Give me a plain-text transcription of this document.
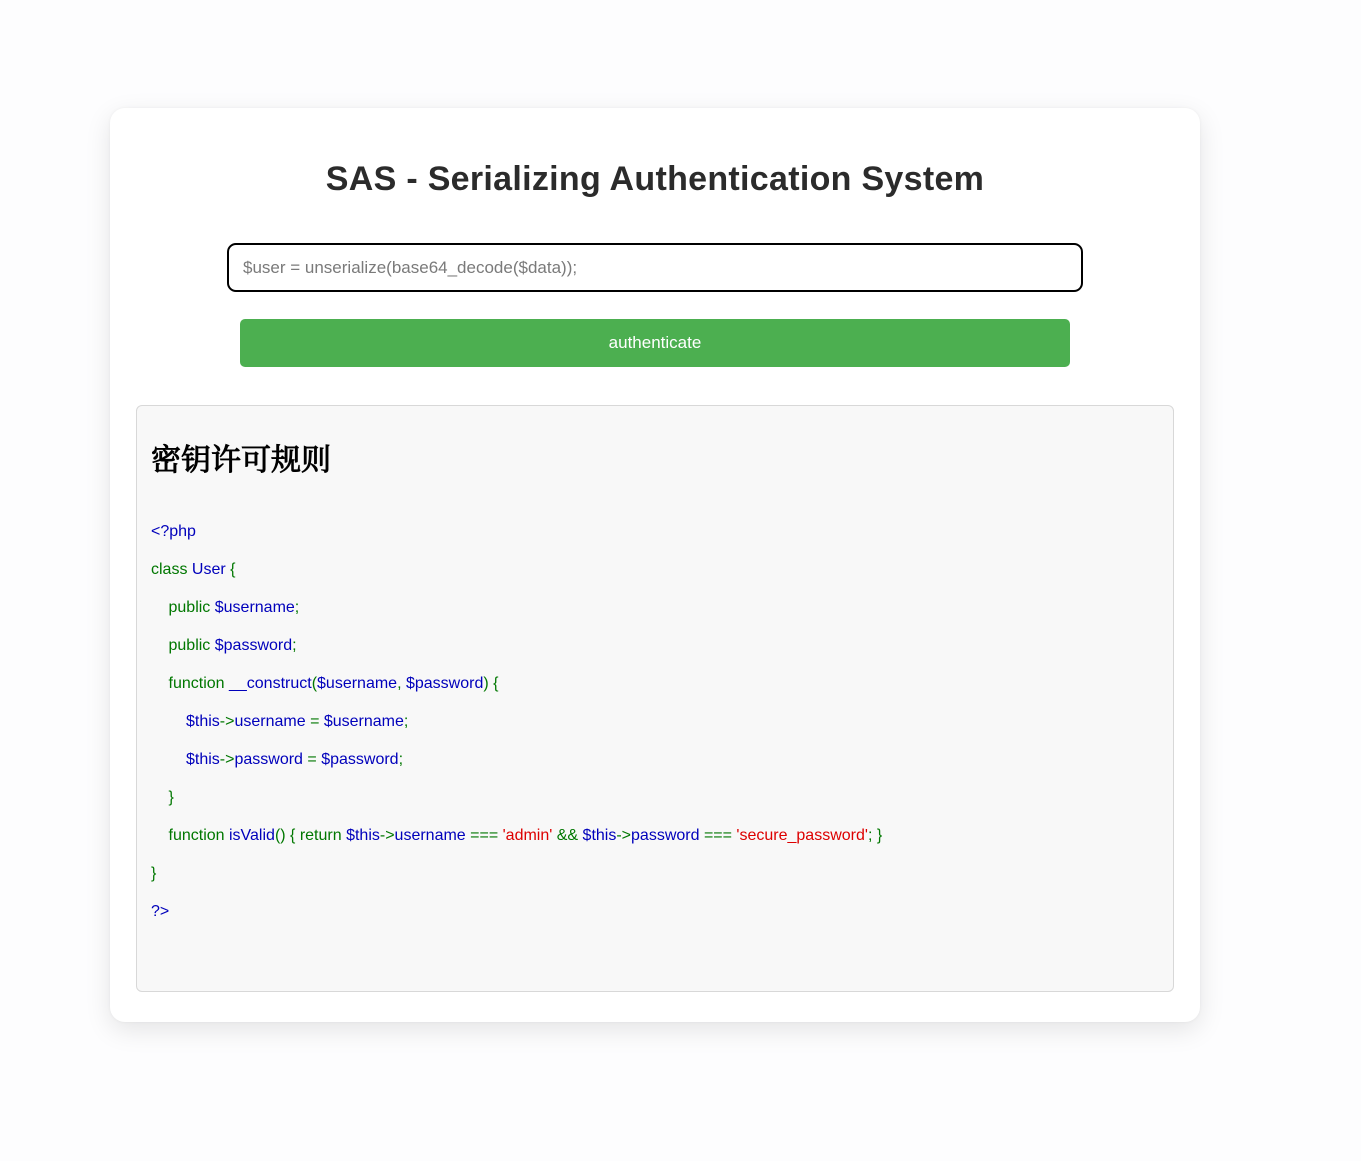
SAS - Serializing Authentication System
$user = unserialize(base64_decode($data));
authenticate
密钥许可规则
<?php
class User {
public $username;
public $password;
function __construct($username, $password) {
$this->username = $username;
$this->password = $password;
}
function isValid() { return $this->username === 'admin' && $this->password === 'secure_password'; }
}
?>
